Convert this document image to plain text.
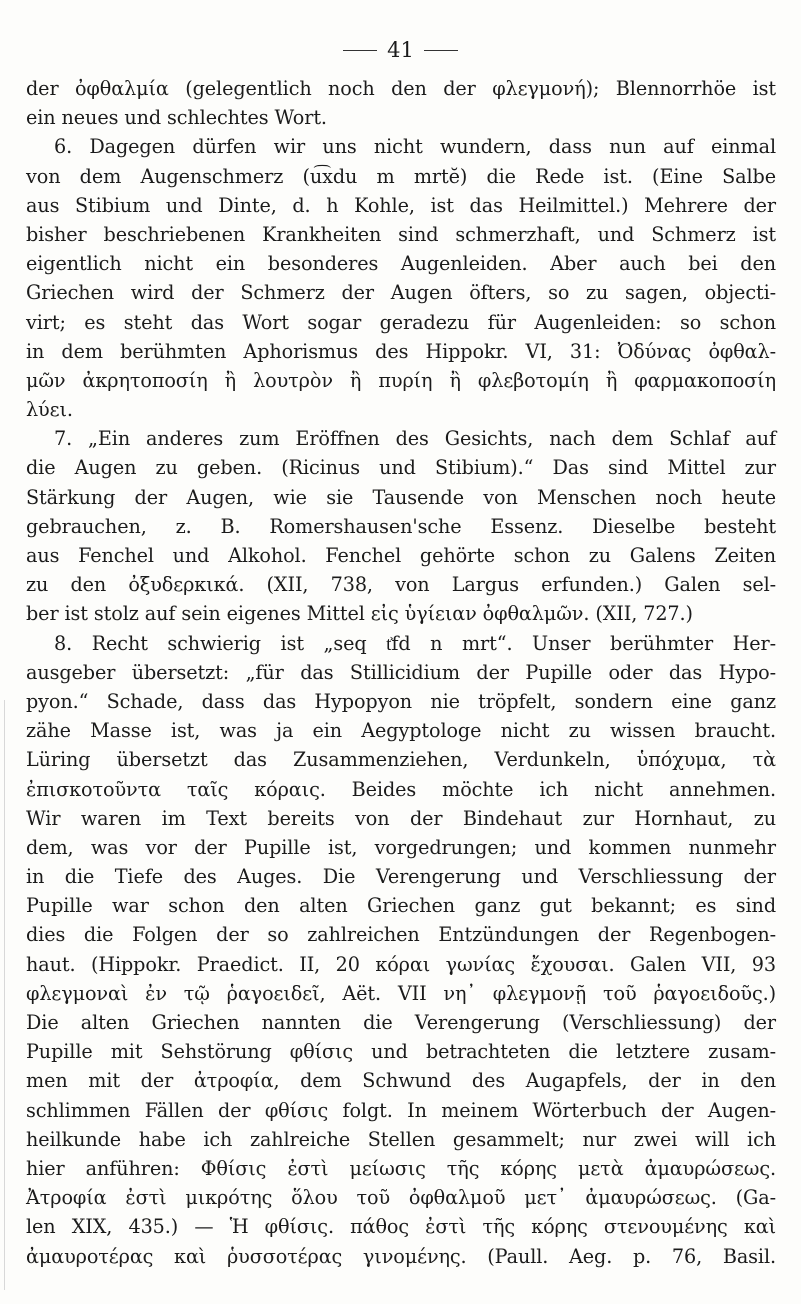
41
der ὀφθαλμία (gelegentlich noch den der φλεγμονή); Blennorrhöe ist
ein neues und schlechtes Wort.
6. Dagegen dürfen wir uns nicht wundern, dass nun auf einmal
von dem Augenschmerz (u͡xdu m mrtĕ) die Rede ist. (Eine Salbe
aus Stibium und Dinte, d. h Kohle, ist das Heilmittel.) Mehrere der
bisher beschriebenen Krankheiten sind schmerzhaft, und Schmerz ist
eigentlich nicht ein besonderes Augenleiden. Aber auch bei den
Griechen wird der Schmerz der Augen öfters, so zu sagen, objecti-
virt; es steht das Wort sogar geradezu für Augenleiden: so schon
in dem berühmten Aphorismus des Hippokr. VI, 31: Ὀδύνας ὀφθαλ-
μῶν ἀκρητοποσίη ἢ λουτρὸν ἢ πυρίη ἢ φλεβοτομίη ἢ φαρμακοποσίη
λύει.
7. „Ein anderes zum Eröffnen des Gesichts, nach dem Schlaf auf
die Augen zu geben. (Ricinus und Stibium).“ Das sind Mittel zur
Stärkung der Augen, wie sie Tausende von Menschen noch heute
gebrauchen, z. B. Romershausen'sche Essenz. Dieselbe besteht
aus Fenchel und Alkohol. Fenchel gehörte schon zu Galens Zeiten
zu den ὀξυδερκικά. (XII, 738, von Largus erfunden.) Galen sel-
ber ist stolz auf sein eigenes Mittel εἰς ὑγίειαν ὀφθαλμῶν. (XII, 727.)
8. Recht schwierig ist „seq t͐fd n mrt“. Unser berühmter Her-
ausgeber übersetzt: „für das Stillicidium der Pupille oder das Hypo-
pyon.“ Schade, dass das Hypopyon nie tröpfelt, sondern eine ganz
zähe Masse ist, was ja ein Aegyptologe nicht zu wissen braucht.
Lüring übersetzt das Zusammenziehen, Verdunkeln, ὑπόχυμα, τὰ
ἐπισκοτοῦντα ταῖς κόραις. Beides möchte ich nicht annehmen.
Wir waren im Text bereits von der Bindehaut zur Hornhaut, zu
dem, was vor der Pupille ist, vorgedrungen; und kommen nunmehr
in die Tiefe des Auges. Die Verengerung und Verschliessung der
Pupille war schon den alten Griechen ganz gut bekannt; es sind
dies die Folgen der so zahlreichen Entzündungen der Regenbogen-
haut. (Hippokr. Praedict. II, 20 κόραι γωνίας ἔχουσαι. Galen VII, 93
φλεγμοναὶ ἐν τῷ ῥαγοειδεῖ, Aët. VII νη᾽ φλεγμονῇ τοῦ ῥαγοειδοῦς.)
Die alten Griechen nannten die Verengerung (Verschliessung) der
Pupille mit Sehstörung φθίσις und betrachteten die letztere zusam-
men mit der ἀτροφία, dem Schwund des Augapfels, der in den
schlimmen Fällen der φθίσις folgt. In meinem Wörterbuch der Augen-
heilkunde habe ich zahlreiche Stellen gesammelt; nur zwei will ich
hier anführen: Φθίσις ἐστὶ μείωσις τῆς κόρης μετὰ ἀμαυρώσεως.
Ἀτροφία ἐστὶ μικρότης ὅλου τοῦ ὀφθαλμοῦ μετ᾽ ἀμαυρώσεως. (Ga-
len XIX, 435.) — Ἡ φθίσις. πάθος ἐστὶ τῆς κόρης στενουμένης καὶ
ἀμαυροτέρας καὶ ῥυσσοτέρας γινομένης. (Paull. Aeg. p. 76, Basil.
